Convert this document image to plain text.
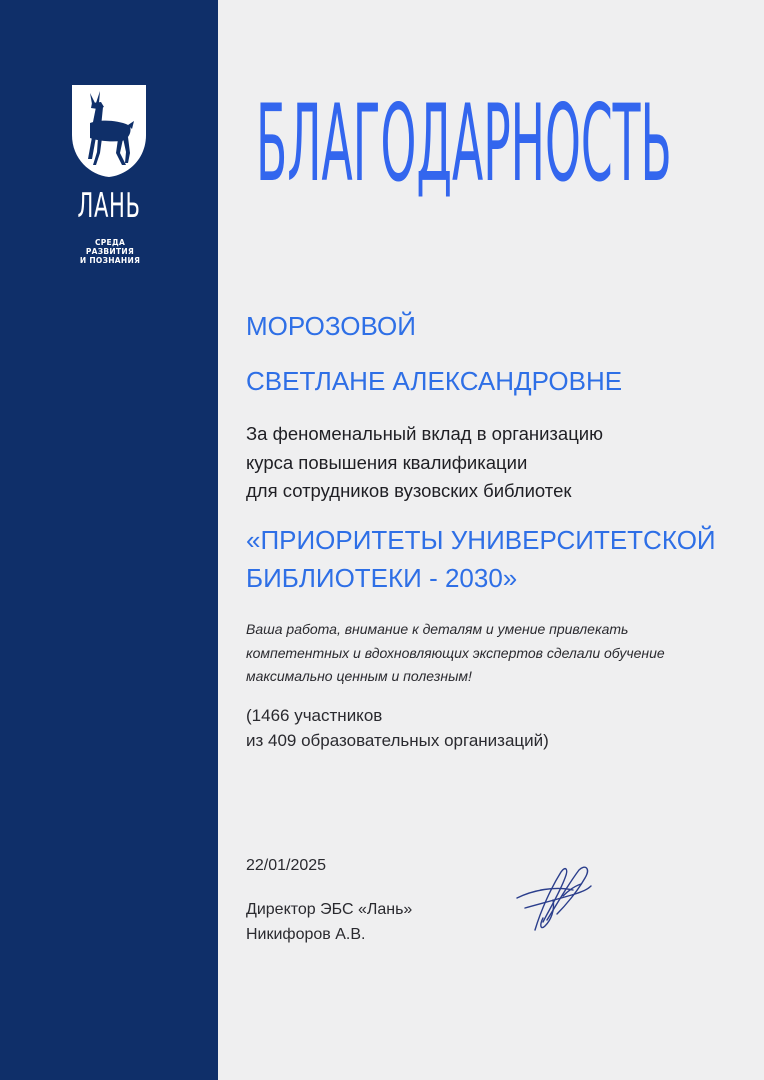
ЛАНЬ
СРЕДА
РАЗВИТИЯ
И ПОЗНАНИЯ
БЛАГОДАРНОСТЬ
МОРОЗОВОЙ
СВЕТЛАНЕ АЛЕКСАНДРОВНЕ
За феноменальный вклад в организацию
курса повышения квалификации
для сотрудников вузовских библиотек
«ПРИОРИТЕТЫ УНИВЕРСИТЕТСКОЙ
БИБЛИОТЕКИ - 2030»
Ваша работа, внимание к деталям и умение привлекать
компетентных и вдохновляющих экспертов сделали обучение
максимально ценным и полезным!
(1466 участников
из 409 образовательных организаций)
22/01/2025
Директор ЭБС «Лань»
Никифоров А.В.
